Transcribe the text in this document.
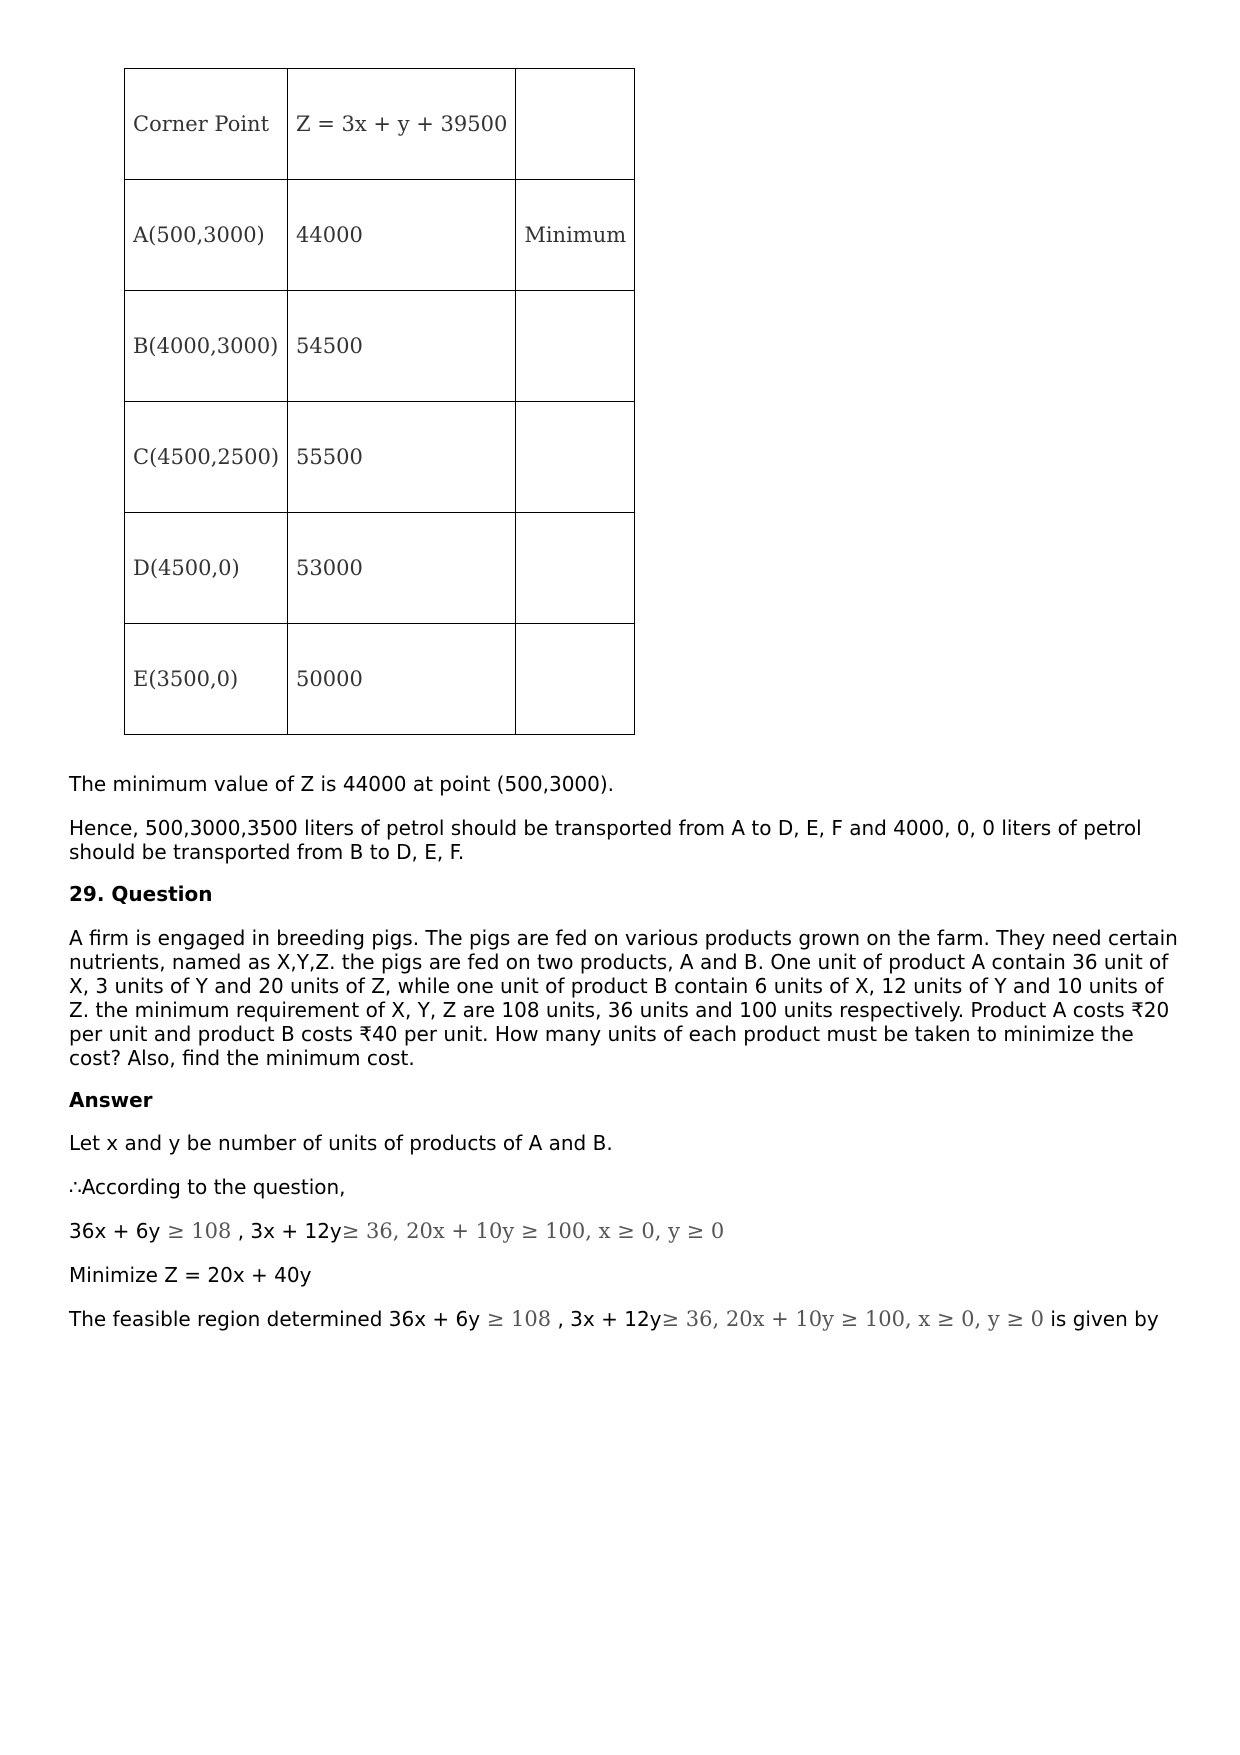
Corner Point	Z = 3x + y + 39500	
A(500,3000)	44000	Minimum
B(4000,3000)	54500	
C(4500,2500)	55500	
D(4500,0)	53000	
E(3500,0)	50000	

The minimum value of Z is 44000 at point (500,3000).

Hence, 500,3000,3500 liters of petrol should be transported from A to D, E, F and 4000, 0, 0 liters of petrol should be transported from B to D, E, F.

29. Question

A firm is engaged in breeding pigs. The pigs are fed on various products grown on the farm. They need certain nutrients, named as X,Y,Z. the pigs are fed on two products, A and B. One unit of product A contain 36 unit of X, 3 units of Y and 20 units of Z, while one unit of product B contain 6 units of X, 12 units of Y and 10 units of Z. the minimum requirement of X, Y, Z are 108 units, 36 units and 100 units respectively. Product A costs ₹20 per unit and product B costs ₹40 per unit. How many units of each product must be taken to minimize the cost? Also, find the minimum cost.

Answer

Let x and y be number of units of products of A and B.

∴According to the question,

36x + 6y ≥ 108 , 3x + 12y≥ 36, 20x + 10y ≥ 100, x ≥ 0, y ≥ 0

Minimize Z = 20x + 40y

The feasible region determined 36x + 6y ≥ 108 , 3x + 12y≥ 36, 20x + 10y ≥ 100, x ≥ 0, y ≥ 0 is given by
